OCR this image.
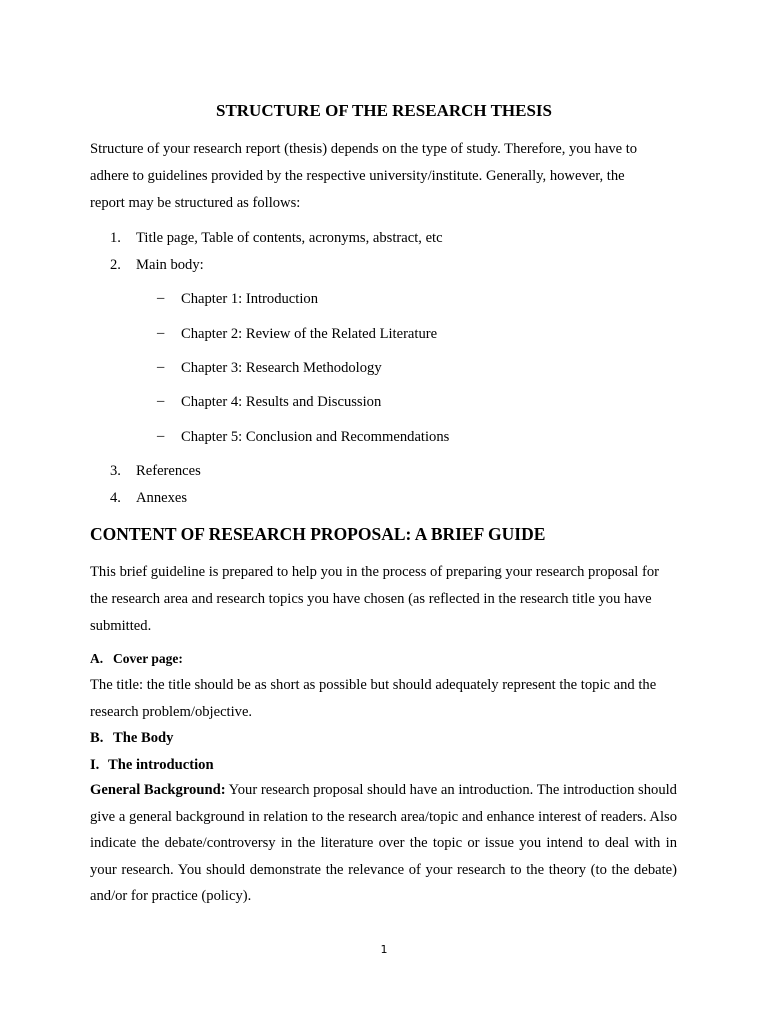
STRUCTURE OF THE RESEARCH THESIS
Structure of your research report (thesis) depends on the type of study. Therefore, you have to
adhere to guidelines provided by the respective university/institute. Generally, however, the
report may be structured as follows:
1. Title page, Table of contents, acronyms, abstract, etc
2. Main body:
– Chapter 1: Introduction
– Chapter 2: Review of the Related Literature
– Chapter 3: Research Methodology
– Chapter 4: Results and Discussion
– Chapter 5: Conclusion and Recommendations
3. References
4. Annexes
CONTENT OF RESEARCH PROPOSAL: A BRIEF GUIDE
This brief guideline is prepared to help you in the process of preparing your research proposal for
the research area and research topics you have chosen (as reflected in the research title you have
submitted.
A. Cover page:
The title: the title should be as short as possible but should adequately represent the topic and the
research problem/objective.
B. The Body
I. The introduction
General Background: Your research proposal should have an introduction. The introduction should give a general background in relation to the research area/topic and enhance interest of readers. Also indicate the debate/controversy in the literature over the topic or issue you intend to deal with in your research. You should demonstrate the relevance of your research to the theory (to the debate) and/or for practice (policy).
1
